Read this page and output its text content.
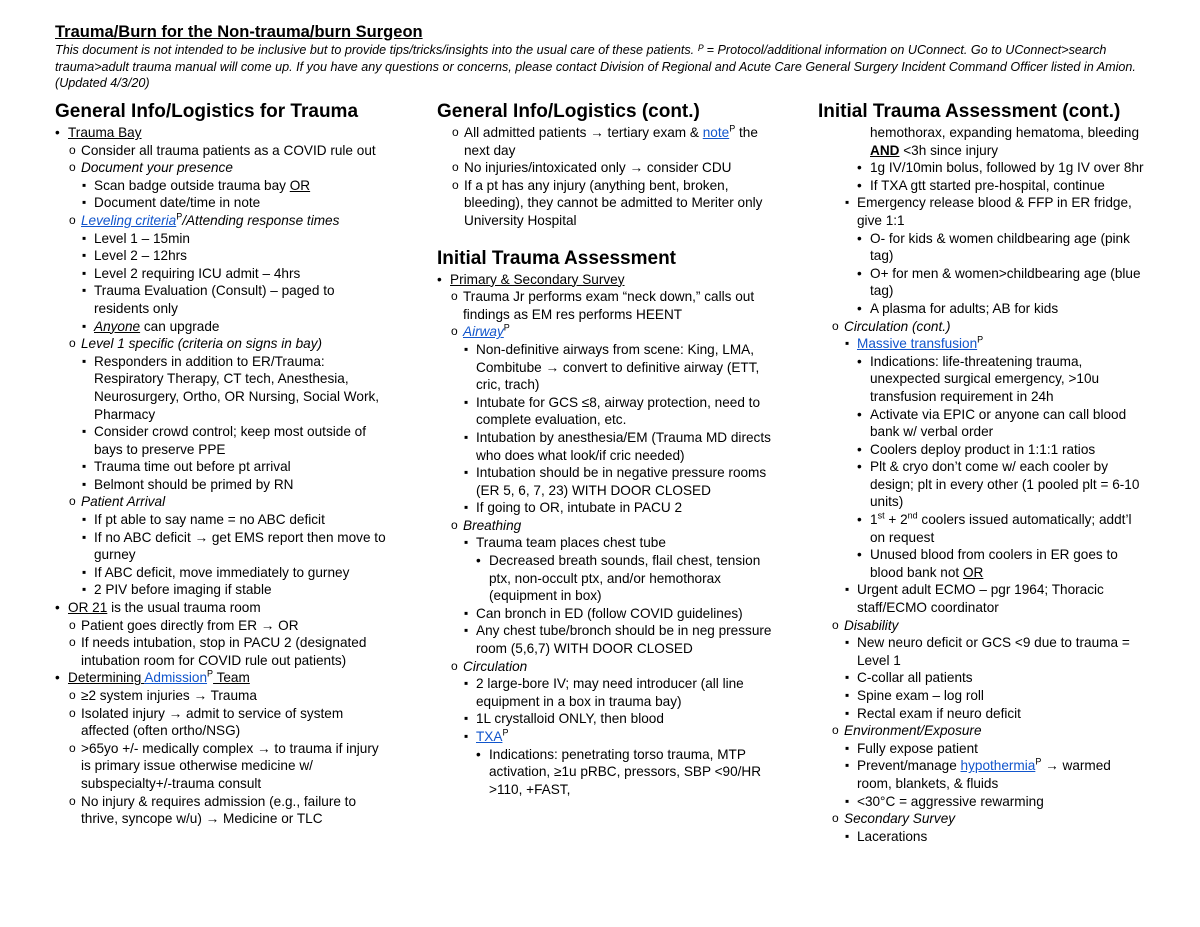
Trauma/Burn for the Non-trauma/burn Surgeon

This document is not intended to be inclusive but to provide tips/tricks/insights into the usual care of these patients. ᴾ = Protocol/additional information on UConnect. Go to UConnect>search trauma>adult trauma manual will come up. If you have any questions or concerns, please contact Division of Regional and Acute Care General Surgery Incident Command Officer listed in Amion. (Updated 4/3/20)

General Info/Logistics for Trauma
• Trauma Bay
o Consider all trauma patients as a COVID rule out
o Document your presence
▪ Scan badge outside trauma bay OR
▪ Document date/time in note
o Leveling criteria$^P$/Attending response times
▪ Level 1 – 15min
▪ Level 2 – 12hrs
▪ Level 2 requiring ICU admit – 4hrs
▪ Trauma Evaluation (Consult) – paged to residents only
▪ Anyone can upgrade
o Level 1 specific (criteria on signs in bay)
▪ Responders in addition to ER/Trauma: Respiratory Therapy, CT tech, Anesthesia, Neurosurgery, Ortho, OR Nursing, Social Work, Pharmacy
▪ Consider crowd control; keep most outside of bays to preserve PPE
▪ Trauma time out before pt arrival
▪ Belmont should be primed by RN
o Patient Arrival
▪ If pt able to say name = no ABC deficit
▪ If no ABC deficit → get EMS report then move to gurney
▪ If ABC deficit, move immediately to gurney
▪ 2 PIV before imaging if stable
• OR 21 is the usual trauma room
o Patient goes directly from ER → OR
o If needs intubation, stop in PACU 2 (designated intubation room for COVID rule out patients)
• Determining Admission$^P$ Team
o ≥2 system injuries → Trauma
o Isolated injury → admit to service of system affected (often ortho/NSG)
o >65yo +/- medically complex → to trauma if injury is primary issue otherwise medicine w/ subspecialty+/-trauma consult
o No injury & requires admission (e.g., failure to thrive, syncope w/u) → Medicine or TLC
General Info/Logistics (cont.)
o All admitted patients → tertiary exam & note$^P$ the next day
o No injuries/intoxicated only → consider CDU
o If a pt has any injury (anything bent, broken, bleeding), they cannot be admitted to Meriter only University Hospital
Initial Trauma Assessment
• Primary & Secondary Survey
o Trauma Jr performs exam “neck down,” calls out findings as EM res performs HEENT
o Airway$^P$
▪ Non-definitive airways from scene: King, LMA, Combitube → convert to definitive airway (ETT, cric, trach)
▪ Intubate for GCS ≤8, airway protection, need to complete evaluation, etc.
▪ Intubation by anesthesia/EM (Trauma MD directs who does what look/if cric needed)
▪ Intubation should be in negative pressure rooms (ER 5, 6, 7, 23) WITH DOOR CLOSED
▪ If going to OR, intubate in PACU 2
o Breathing
▪ Trauma team places chest tube
• Decreased breath sounds, flail chest, tension ptx, non-occult ptx, and/or hemothorax (equipment in box)
▪ Can bronch in ED (follow COVID guidelines)
▪ Any chest tube/bronch should be in neg pressure room (5,6,7) WITH DOOR CLOSED
o Circulation
▪ 2 large-bore IV; may need introducer (all line equipment in a box in trauma bay)
▪ 1L crystalloid ONLY, then blood
▪ $TXA^P$
• Indications: penetrating torso trauma, MTP activation, ≥1u pRBC, pressors, SBP <90/HR >110, +FAST,
Initial Trauma Assessment (cont.)
hemothorax, expanding hematoma, bleeding AND <3h since injury
• 1g IV/10min bolus, followed by 1g IV over 8hr
• If TXA gtt started pre-hospital, continue
▪ Emergency release blood & FFP in ER fridge, give 1:1
• O- for kids & women childbearing age (pink tag)
• O+ for men & women>childbearing age (blue tag)
• A plasma for adults; AB for kids
o Circulation (cont.)
▪ Massive transfusion$^P$
• Indications: life-threatening trauma, unexpected surgical emergency, >10u transfusion requirement in 24h
• Activate via EPIC or anyone can call blood bank w/ verbal order
• Coolers deploy product in 1:1:1 ratios
• Plt & cryo don’t come w/ each cooler by design; plt in every other (1 pooled plt = 6-10 units)
• 1st + 2nd coolers issued automatically; addt’l on request
• Unused blood from coolers in ER goes to blood bank not OR
▪ Urgent adult ECMO – pgr 1964; Thoracic staff/ECMO coordinator
o Disability
▪ New neuro deficit or GCS <9 due to trauma = Level 1
▪ C-collar all patients
▪ Spine exam – log roll
▪ Rectal exam if neuro deficit
o Environment/Exposure
▪ Fully expose patient
▪ Prevent/manage hypothermia$^P$ → warmed room, blankets, & fluids
▪ <30°C = aggressive rewarming
o Secondary Survey
▪ Lacerations
